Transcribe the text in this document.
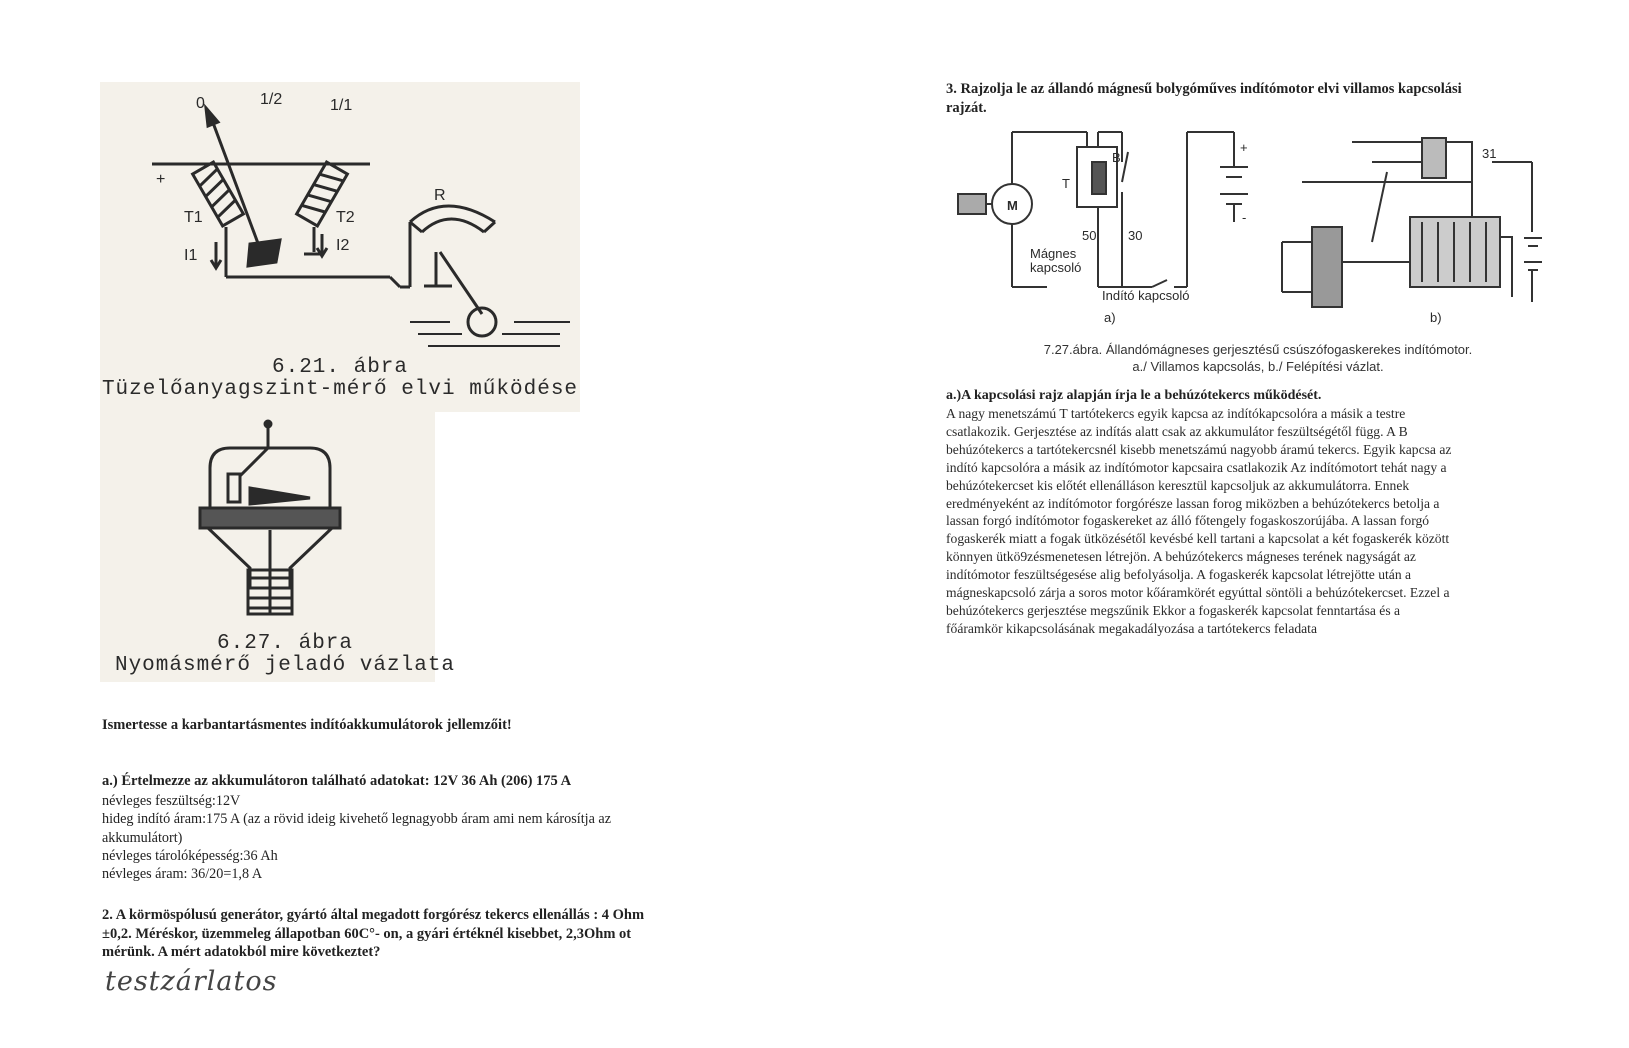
0	1/2	1/1
+
T1	T2
I1
I2
R
6.21. ábra
Tüzelőanyagszint-mérő elvi működése
6.27. ábra
Nyomásmérő jeladó vázlata
Ismertesse a karbantartásmentes indítóakkumulátorok jellemzőit!
a.) Értelmezze az akkumulátoron található adatokat: 12V 36 Ah (206) 175 A
névleges feszültség:12V
hideg indító áram:175 A (az a rövid ideig kivehető legnagyobb áram ami nem károsítja az
akkumulátort)
névleges tárolóképesség:36 Ah
névleges áram: 36/20=1,8 A
2. A körmöspólusú generátor, gyártó által megadott forgórész tekercs ellenállás : 4 Ohm
±0,2. Méréskor, üzemmeleg állapotban 60C°- on, a gyári értéknél kisebbet, 2,3Ohm ot
mérünk. A mért adatokból mire következtet?
testzárlatos
3. Rajzolja le az állandó mágnesű bolygóműves indítómotor elvi villamos kapcsolási
rajzát.
M
B
T
50 30
Mágnes
kapcsoló
Indító kapcsoló
a)	b)
+
-
31
7.27.ábra. Állandómágneses gerjesztésű csúszófogaskerekes indítómotor.
a./ Villamos kapcsolás, b./ Felépítési vázlat.
a.)A kapcsolási rajz alapján írja le a behúzótekercs működését.
A nagy menetszámú T tartótekercs egyik kapcsa az indítókapcsolóra a másik a testre
csatlakozik. Gerjesztése az indítás alatt csak az akkumulátor feszültségétől függ. A B
behúzótekercs a tartótekercsnél kisebb menetszámú nagyobb áramú tekercs. Egyik kapcsa az
indító kapcsolóra a másik az indítómotor kapcsaira csatlakozik Az indítómotort tehát nagy a
behúzótekercset kis előtét ellenálláson keresztül kapcsoljuk az akkumulátorra. Ennek
eredményeként az indítómotor forgórésze lassan forog miközben a behúzótekercs betolja a
lassan forgó indítómotor fogaskereket az álló főtengely fogaskoszorújába. A lassan forgó
fogaskerék miatt a fogak ütközésétől kevésbé kell tartani a kapcsolat a két fogaskerék között
könnyen ütkö9zésmenetesen létrejön. A behúzótekercs mágneses terének nagyságát az
indítómotor feszültségesése alig befolyásolja. A fogaskerék kapcsolat létrejötte után a
mágneskapcsoló zárja a soros motor kőáramkörét egyúttal söntöli a behúzótekercset. Ezzel a
behúzótekercs gerjesztése megszűnik Ekkor a fogaskerék kapcsolat fenntartása és a
főáramkör kikapcsolásának megakadályozása a tartótekercs feladata
